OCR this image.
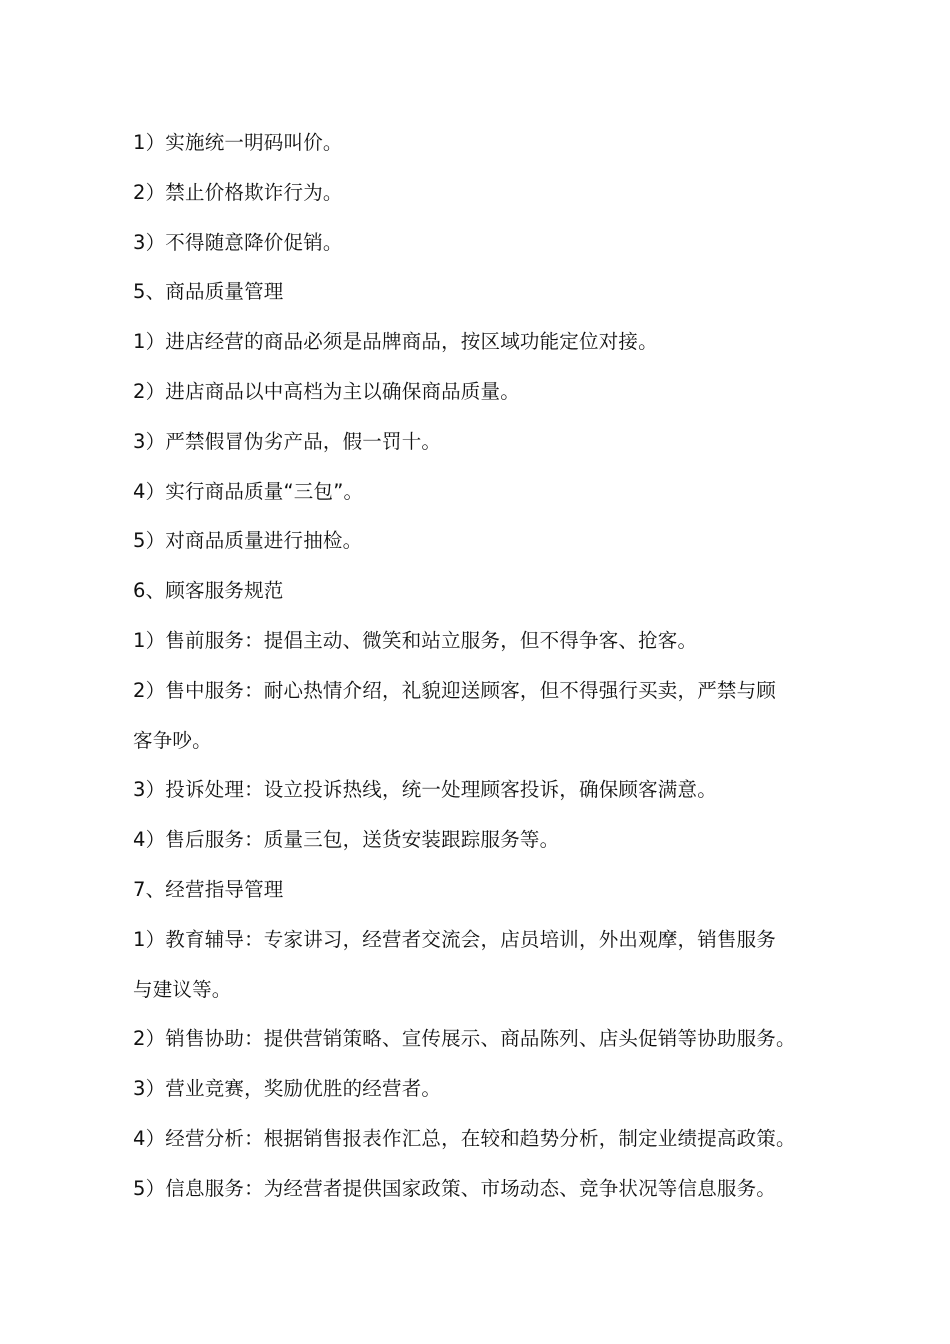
1）实施统一明码叫价。
2）禁止价格欺诈行为。
3）不得随意降价促销。
5、商品质量管理
1）进店经营的商品必须是品牌商品，按区域功能定位对接。
2）进店商品以中高档为主以确保商品质量。
3）严禁假冒伪劣产品，假一罚十。
4）实行商品质量“三包”。
5）对商品质量进行抽检。
6、顾客服务规范
1）售前服务：提倡主动、微笑和站立服务，但不得争客、抢客。
2）售中服务：耐心热情介绍，礼貌迎送顾客，但不得强行买卖，严禁与顾
客争吵。
3）投诉处理：设立投诉热线，统一处理顾客投诉，确保顾客满意。
4）售后服务：质量三包，送货安装跟踪服务等。
7、经营指导管理
1）教育辅导：专家讲习，经营者交流会，店员培训，外出观摩，销售服务
与建议等。
2）销售协助：提供营销策略、宣传展示、商品陈列、店头促销等协助服务。
3）营业竞赛，奖励优胜的经营者。
4）经营分析：根据销售报表作汇总，在较和趋势分析，制定业绩提高政策。
5）信息服务：为经营者提供国家政策、市场动态、竞争状况等信息服务。
